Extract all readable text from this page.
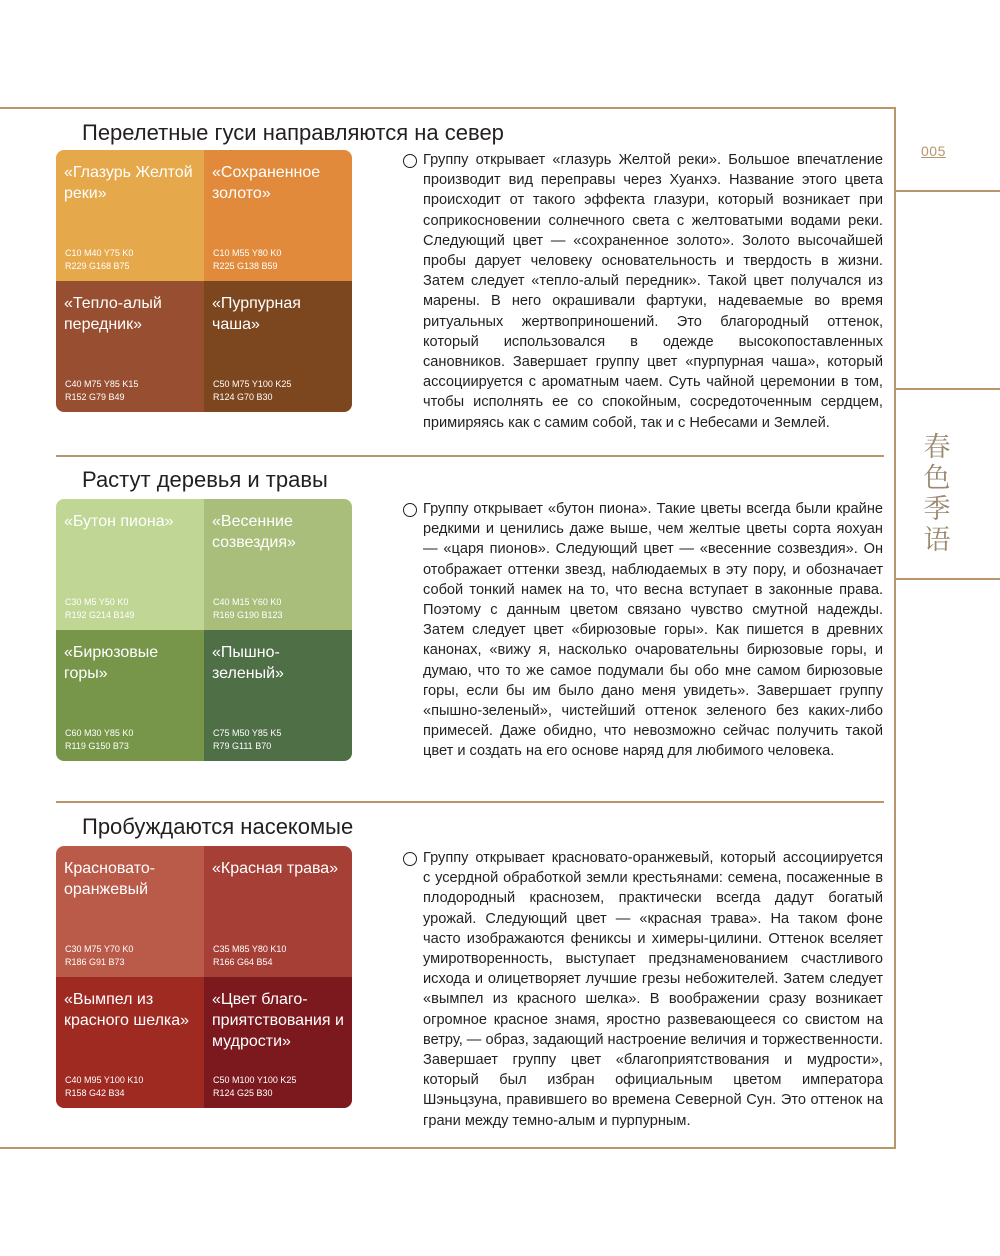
005
春
色
季
语
Перелетные гуси направляются на север
«Глазурь Желтой реки»
C10 M40 Y75 K0
R229 G168 B75
«Сохраненное золото»
C10 M55 Y80 K0
R225 G138 B59
«Тепло-алый передник»
C40 M75 Y85 K15
R152 G79 B49
«Пурпурная чаша»
C50 M75 Y100 K25
R124 G70 B30
Группу открывает «глазурь Желтой реки». Большое впечатление производит вид переправы через Хуанхэ. Название этого цвета происходит от такого эффекта глазури, который возникает при соприкосновении солнечного света с желтоватыми водами реки. Следующий цвет — «сохраненное золото». Золото высочайшей пробы дарует человеку основательность и твердость в жизни. Затем следует «тепло-алый передник». Такой цвет получался из марены. В него окрашивали фартуки, надеваемые во время ритуальных жертвоприношений. Это благородный оттенок, который использовался в одежде высокопоставленных сановников. Завершает группу цвет «пурпурная чаша», который ассоциируется с ароматным чаем. Суть чайной церемонии в том, чтобы исполнять ее со спокойным, сосредоточенным сердцем, примиряясь как с самим собой, так и с Небесами и Землей.
Растут деревья и травы
«Бутон пиона»
C30 M5 Y50 K0
R192 G214 B149
«Весенние созвездия»
C40 M15 Y60 K0
R169 G190 B123
«Бирюзовые горы»
C60 M30 Y85 K0
R119 G150 B73
«Пышно-зеленый»
C75 M50 Y85 K5
R79 G111 B70
Группу открывает «бутон пиона». Такие цветы всегда были крайне редкими и ценились даже выше, чем желтые цветы сорта яохуан — «царя пионов». Следующий цвет — «весенние созвездия». Он отображает оттенки звезд, наблюдаемых в эту пору, и обозначает собой тонкий намек на то, что весна вступает в законные права. Поэтому с данным цветом связано чувство смутной надежды. Затем следует цвет «бирюзовые горы». Как пишется в древних канонах, «вижу я, насколько очаровательны бирюзовые горы, и думаю, что то же самое подумали бы обо мне самом бирюзовые горы, если бы им было дано меня увидеть». Завершает группу «пышно-зеленый», чистейший оттенок зеленого без каких-либо примесей. Даже обидно, что невозможно сейчас получить такой цвет и создать на его основе наряд для любимого человека.
Пробуждаются насекомые
Красновато-оранжевый
C30 M75 Y70 K0
R186 G91 B73
«Красная трава»
C35 M85 Y80 K10
R166 G64 B54
«Вымпел из красного шелка»
C40 M95 Y100 K10
R158 G42 B34
«Цвет благо-приятствования и мудрости»
C50 M100 Y100 K25
R124 G25 B30
Группу открывает красновато-оранжевый, который ассоциируется с усердной обработкой земли крестьянами: семена, посаженные в плодородный краснозем, практически всегда дадут богатый урожай. Следующий цвет — «красная трава». На таком фоне часто изображаются фениксы и химеры-цилини. Оттенок вселяет умиротворенность, выступает предзнаменованием счастливого исхода и олицетворяет лучшие грезы небожителей. Затем следует «вымпел из красного шелка». В воображении сразу возникает огромное красное знамя, яростно развевающееся со свистом на ветру, — образ, задающий настроение величия и торжественности. Завершает группу цвет «благоприятствования и мудрости», который был избран официальным цветом императора Шэньцзуна, правившего во времена Северной Сун. Это оттенок на грани между темно-алым и пурпурным.
